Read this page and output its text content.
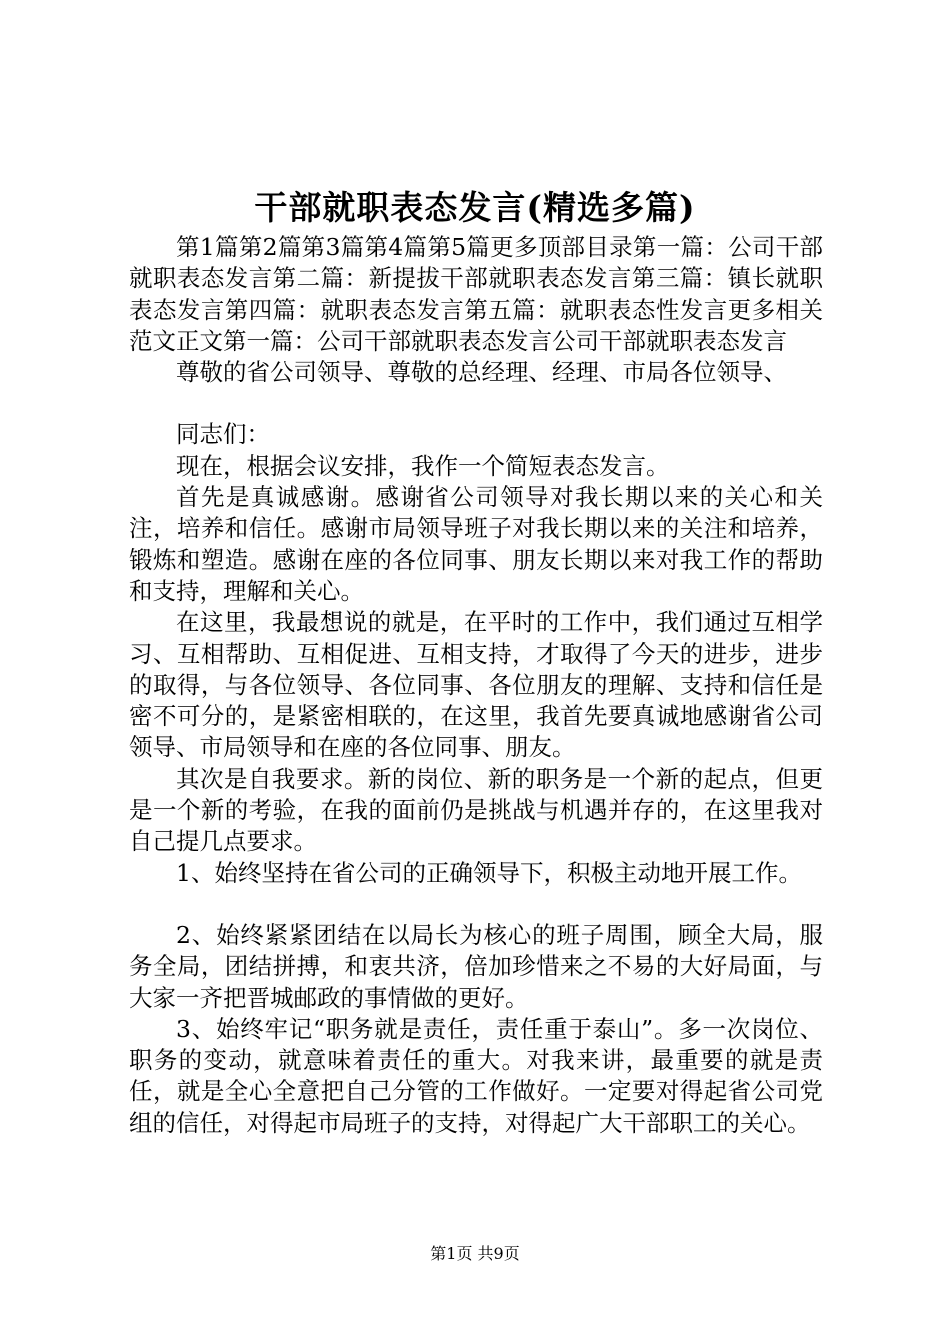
干部就职表态发言(精选多篇)

第1篇第2篇第3篇第4篇第5篇更多顶部目录第一篇：公司干部就职表态发言第二篇：新提拔干部就职表态发言第三篇：镇长就职表态发言第四篇：就职表态发言第五篇：就职表态性发言更多相关范文正文第一篇：公司干部就职表态发言公司干部就职表态发言

尊敬的省公司领导、尊敬的总经理、经理、市局各位领导、

同志们：

现在，根据会议安排，我作一个简短表态发言。

首先是真诚感谢。感谢省公司领导对我长期以来的关心和关注，培养和信任。感谢市局领导班子对我长期以来的关注和培养，锻炼和塑造。感谢在座的各位同事、朋友长期以来对我工作的帮助和支持，理解和关心。

在这里，我最想说的就是，在平时的工作中，我们通过互相学习、互相帮助、互相促进、互相支持，才取得了今天的进步，进步的取得，与各位领导、各位同事、各位朋友的理解、支持和信任是密不可分的，是紧密相联的，在这里，我首先要真诚地感谢省公司领导、市局领导和在座的各位同事、朋友。

其次是自我要求。新的岗位、新的职务是一个新的起点，但更是一个新的考验，在我的面前仍是挑战与机遇并存的，在这里我对自己提几点要求。

1、始终坚持在省公司的正确领导下，积极主动地开展工作。

2、始终紧紧团结在以局长为核心的班子周围，顾全大局，服务全局，团结拼搏，和衷共济，倍加珍惜来之不易的大好局面，与大家一齐把晋城邮政的事情做的更好。

3、始终牢记“职务就是责任，责任重于泰山”。多一次岗位、职务的变动，就意味着责任的重大。对我来讲，最重要的就是责任，就是全心全意把自己分管的工作做好。一定要对得起省公司党组的信任，对得起市局班子的支持，对得起广大干部职工的关心。

第1页 共9页
